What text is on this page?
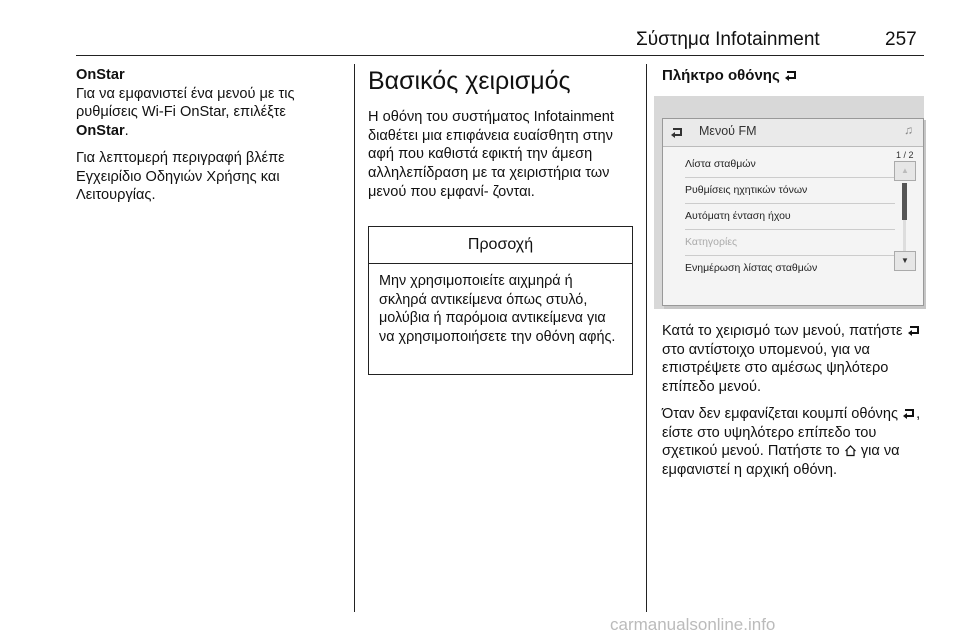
Σύστημα Infotainment	257

OnStar

Για να εμφανιστεί ένα μενού με τις ρυθμίσεις Wi-Fi OnStar, επιλέξτε OnStar.

Για λεπτομερή περιγραφή βλέπε Εγχειρίδιο Οδηγιών Χρήσης και Λειτουργίας.

Βασικός χειρισμός

Η οθόνη του συστήματος Infotainment διαθέτει μια επιφάνεια ευαίσθητη στην αφή που καθιστά εφικτή την άμεση αλληλεπίδραση με τα χειριστήρια των μενού που εμφανί- ζονται.

Προσοχή
Μην χρησιμοποιείτε αιχμηρά ή σκληρά αντικείμενα όπως στυλό, μολύβια ή παρόμοια αντικείμενα για να χρησιμοποιήσετε την οθόνη αφής.

Πλήκτρο οθόνης

Μενού FM	♫
Λίστα σταθμών
Ρυθμίσεις ηχητικών τόνων
Αυτόματη ένταση ήχου
Κατηγορίες
Ενημέρωση λίστας σταθμών
1 / 2
▲
▼

Κατά το χειρισμό των μενού, πατήστε  στο αντίστοιχο υπομενού, για να επιστρέψετε στο αμέσως ψηλότερο επίπεδο μενού.

Όταν δεν εμφανίζεται κουμπί οθόνης , είστε στο υψηλότερο επίπεδο του σχετικού μενού. Πατήστε το  για να εμφανιστεί η αρχική οθόνη.

carmanualsonline.info
